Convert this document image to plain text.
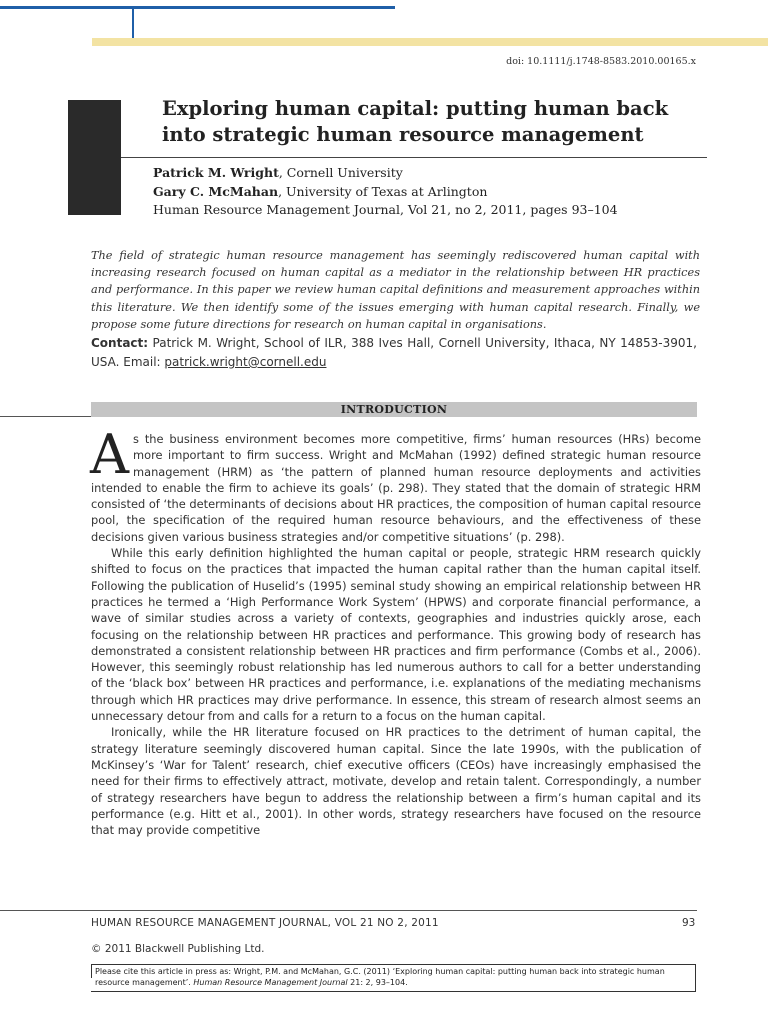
doi: 10.1111/j.1748-8583.2010.00165.x
Exploring human capital: putting human back into strategic human resource management
Patrick M. Wright, Cornell University
Gary C. McMahan, University of Texas at Arlington
Human Resource Management Journal, Vol 21, no 2, 2011, pages 93–104
The field of strategic human resource management has seemingly rediscovered human capital with increasing research focused on human capital as a mediator in the relationship between HR practices and performance. In this paper we review human capital definitions and measurement approaches within this literature. We then identify some of the issues emerging with human capital research. Finally, we propose some future directions for research on human capital in organisations.
Contact: Patrick M. Wright, School of ILR, 388 Ives Hall, Cornell University, Ithaca, NY 14853-3901, USA. Email: patrick.wright@cornell.edu
INTRODUCTION

As the business environment becomes more competitive, firms’ human resources (HRs) become more important to firm success. Wright and McMahan (1992) defined strategic human resource management (HRM) as ‘the pattern of planned human resource deployments and activities intended to enable the firm to achieve its goals’ (p. 298). They stated that the domain of strategic HRM consisted of ‘the determinants of decisions about HR practices, the composition of human capital resource pool, the specification of the required human resource behaviours, and the effectiveness of these decisions given various business strategies and/or competitive situations’ (p. 298).

While this early definition highlighted the human capital or people, strategic HRM research quickly shifted to focus on the practices that impacted the human capital rather than the human capital itself. Following the publication of Huselid’s (1995) seminal study showing an empirical relationship between HR practices he termed a ‘High Performance Work System’ (HPWS) and corporate financial performance, a wave of similar studies across a variety of contexts, geographies and industries quickly arose, each focusing on the relationship between HR practices and performance. This growing body of research has demonstrated a consistent relationship between HR practices and firm performance (Combs et al., 2006). However, this seemingly robust relationship has led numerous authors to call for a better understanding of the ‘black box’ between HR practices and performance, i.e. explanations of the mediating mechanisms through which HR practices may drive performance. In essence, this stream of research almost seems an unnecessary detour from and calls for a return to a focus on the human capital.

Ironically, while the HR literature focused on HR practices to the detriment of human capital, the strategy literature seemingly discovered human capital. Since the late 1990s, with the publication of McKinsey’s ‘War for Talent’ research, chief executive officers (CEOs) have increasingly emphasised the need for their firms to effectively attract, motivate, develop and retain talent. Correspondingly, a number of strategy researchers have begun to address the relationship between a firm’s human capital and its performance (e.g. Hitt et al., 2001). In other words, strategy researchers have focused on the resource that may provide competitive

HUMAN RESOURCE MANAGEMENT JOURNAL, VOL 21 NO 2, 2011	93
© 2011 Blackwell Publishing Ltd.
Please cite this article in press as: Wright, P.M. and McMahan, G.C. (2011) ‘Exploring human capital: putting human back into strategic human resource management’. Human Resource Management Journal 21: 2, 93–104.
